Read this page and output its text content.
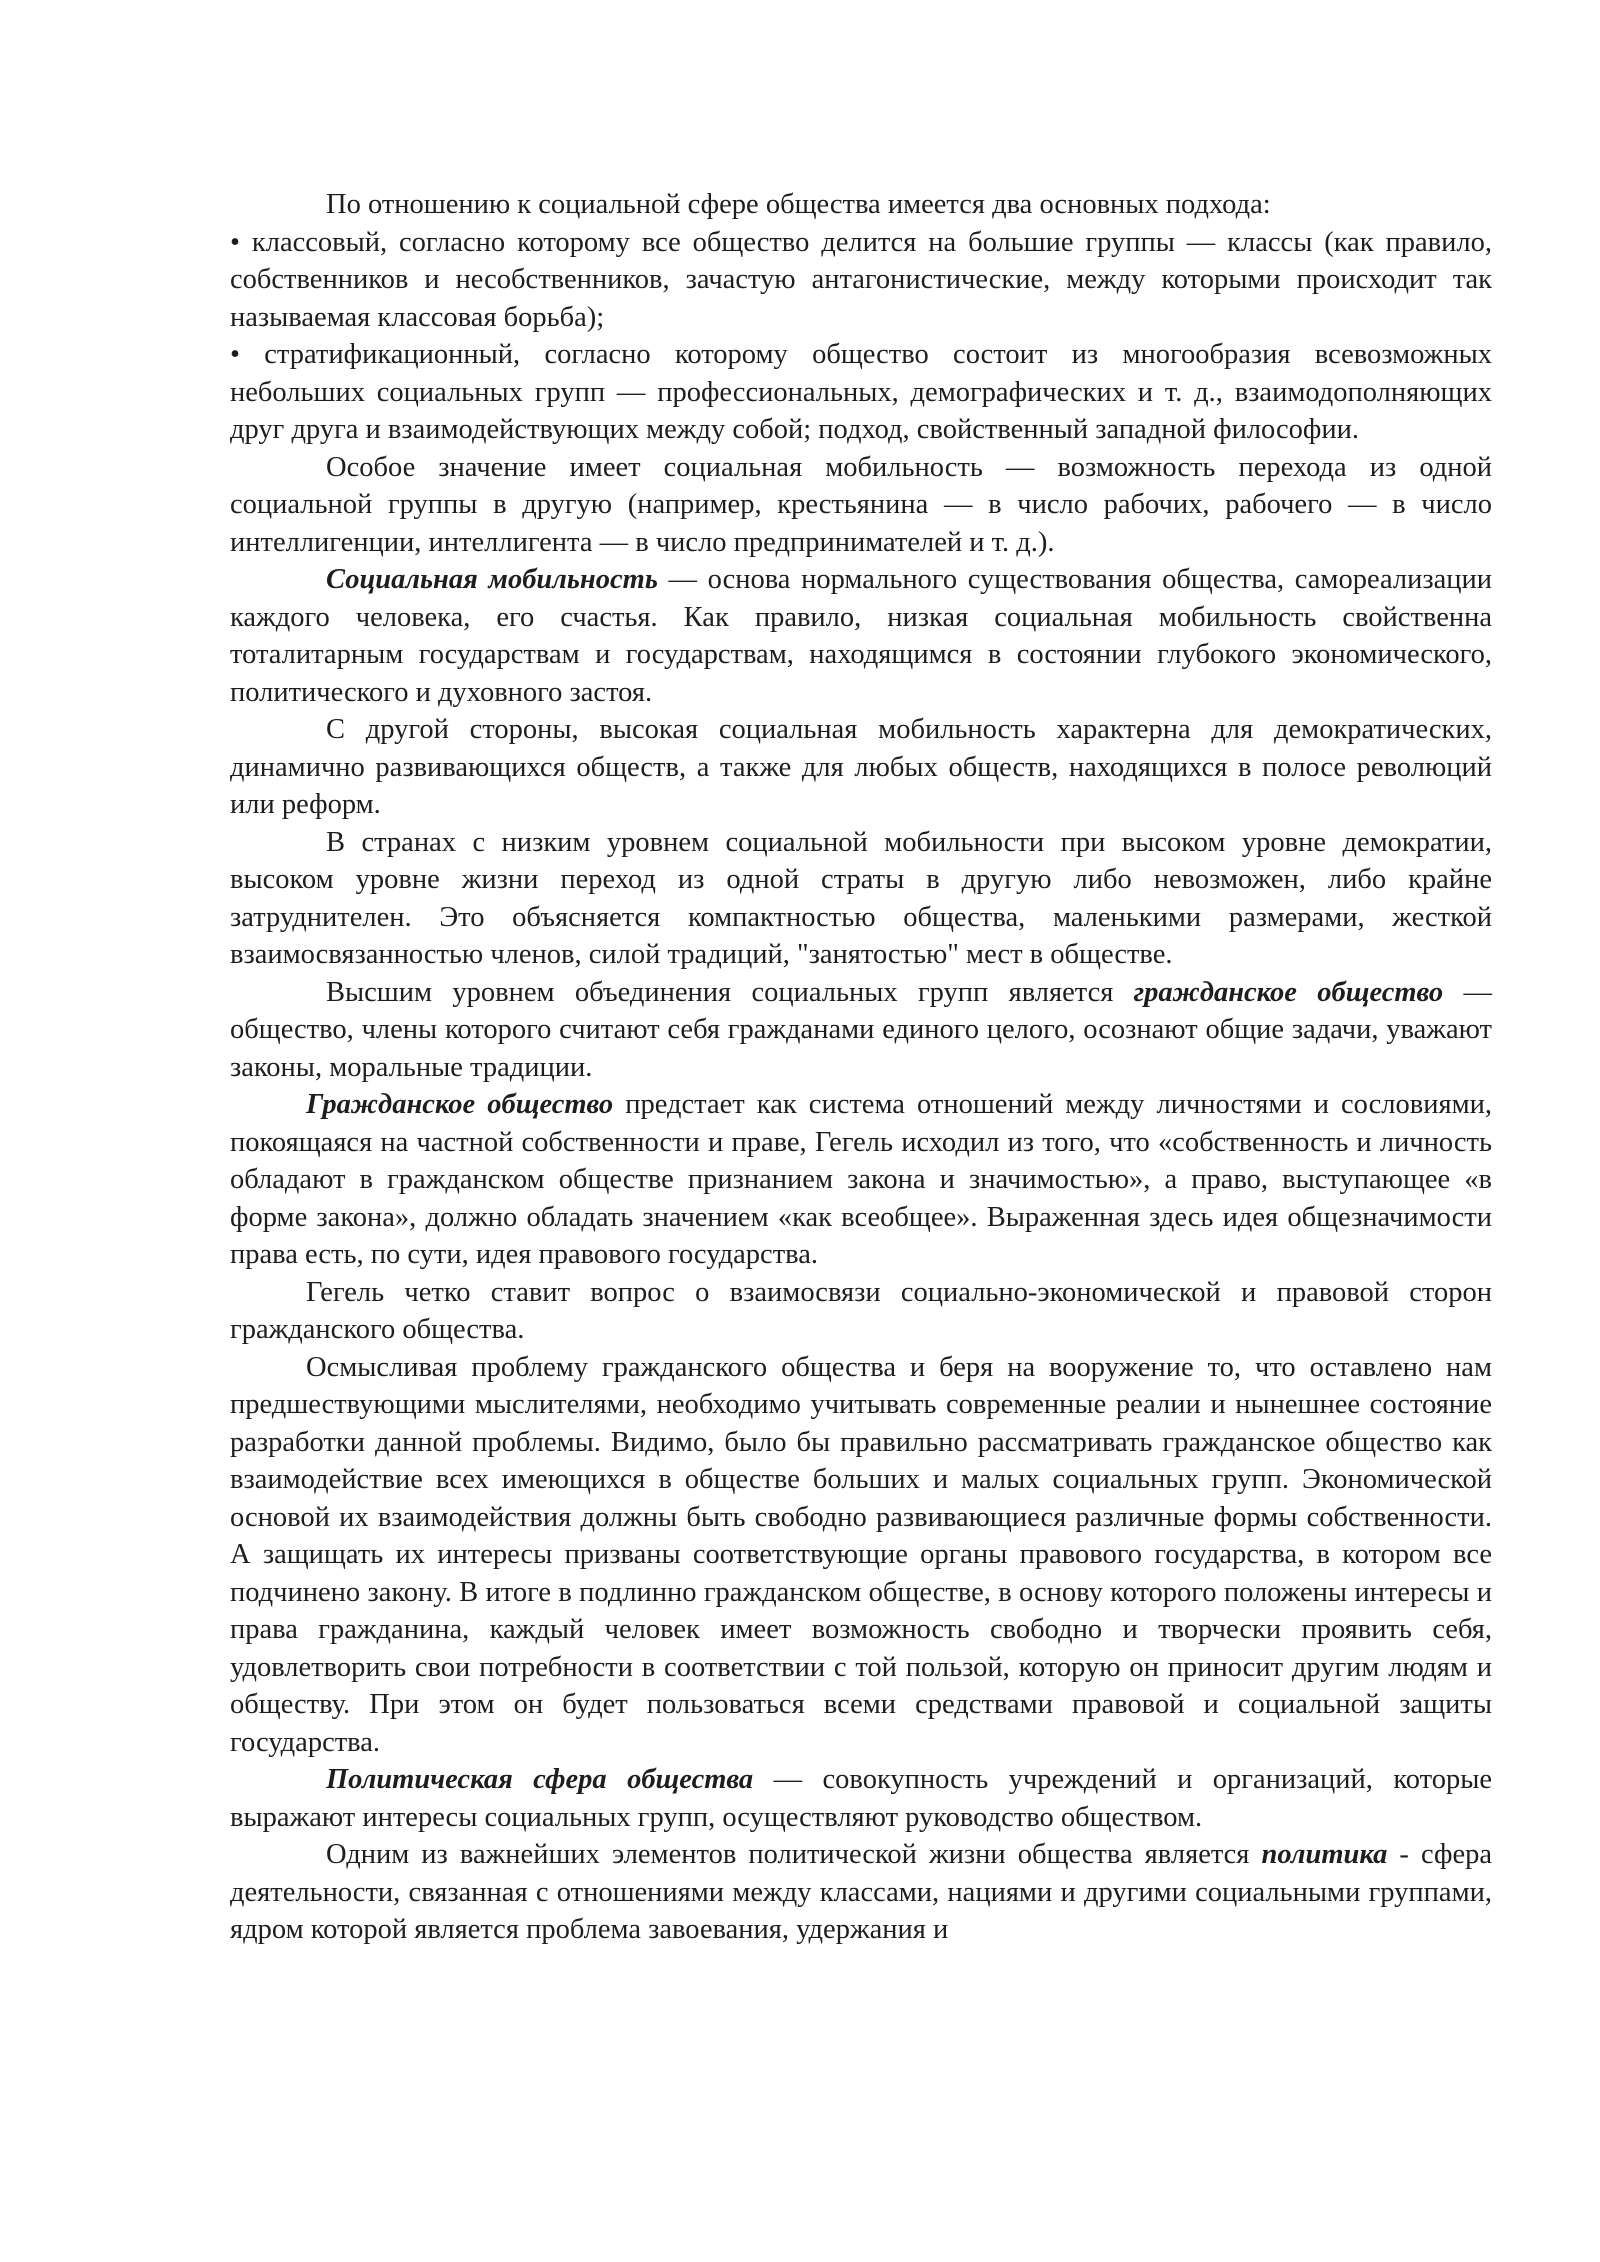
По отношению к социальной сфере общества имеется два основных подхода:

• классовый, согласно которому все общество делится на большие группы — классы (как правило, собственников и несобственников, зачастую антагонистические, между которыми происходит так называемая классовая борьба);

• стратификационный, согласно которому общество состоит из многообразия всевозможных небольших социальных групп — профессиональных, демографических и т. д., взаимодополняющих друг друга и взаимодействующих между собой; подход, свойственный западной философии.

Особое значение имеет социальная мобильность — возможность перехода из одной социальной группы в другую (например, крестьянина — в число рабочих, рабочего — в число интеллигенции, интеллигента — в число предпринимателей и т. д.).

Социальная мобильность — основа нормального существования общества, самореализации каждого человека, его счастья. Как правило, низкая социальная мобильность свойственна тоталитарным государствам и государствам, находящимся в состоянии глубокого экономического, политического и духовного застоя.

С другой стороны, высокая социальная мобильность характерна для демократических, динамично развивающихся обществ, а также для любых обществ, находящихся в полосе революций или реформ.

В странах с низким уровнем социальной мобильности при высоком уровне демократии, высоком уровне жизни переход из одной страты в другую либо невозможен, либо крайне затруднителен. Это объясняется компактностью общества, маленькими размерами, жесткой взаимосвязанностью членов, силой традиций, "занятостью" мест в обществе.

Высшим уровнем объединения социальных групп является гражданское общество — общество, члены которого считают себя гражданами единого целого, осознают общие задачи, уважают законы, моральные традиции.

Гражданское общество предстает как система отношений между личностями и сословиями, покоящаяся на частной собственности и праве, Гегель исходил из того, что «собственность и личность обладают в гражданском обществе признанием закона и значимостью», а право, выступающее «в форме закона», должно обладать значением «как всеобщее». Выраженная здесь идея общезначимости права есть, по сути, идея правового государства.

Гегель четко ставит вопрос о взаимосвязи социально-экономической и правовой сторон гражданского общества.

Осмысливая проблему гражданского общества и беря на вооружение то, что оставлено нам предшествующими мыслителями, необходимо учитывать современные реалии и нынешнее состояние разработки данной проблемы. Видимо, было бы правильно рассматривать гражданское общество как взаимодействие всех имеющихся в обществе больших и малых социальных групп. Экономической основой их взаимодействия должны быть свободно развивающиеся различные формы собственности. А защищать их интересы призваны соответствующие органы правового государства, в котором все подчинено закону. В итоге в подлинно гражданском обществе, в основу которого положены интересы и права гражданина, каждый человек имеет возможность свободно и творчески проявить себя, удовлетворить свои потребности в соответствии с той пользой, которую он приносит другим людям и обществу. При этом он будет пользоваться всеми средствами правовой и социальной защиты государства.

Политическая сфера общества — совокупность учреждений и организаций, которые выражают интересы социальных групп, осуществляют руководство обществом.

Одним из важнейших элементов политической жизни общества является политика - сфера деятельности, связанная с отношениями между классами, нациями и другими социальными группами, ядром которой является проблема завоевания, удержания и
